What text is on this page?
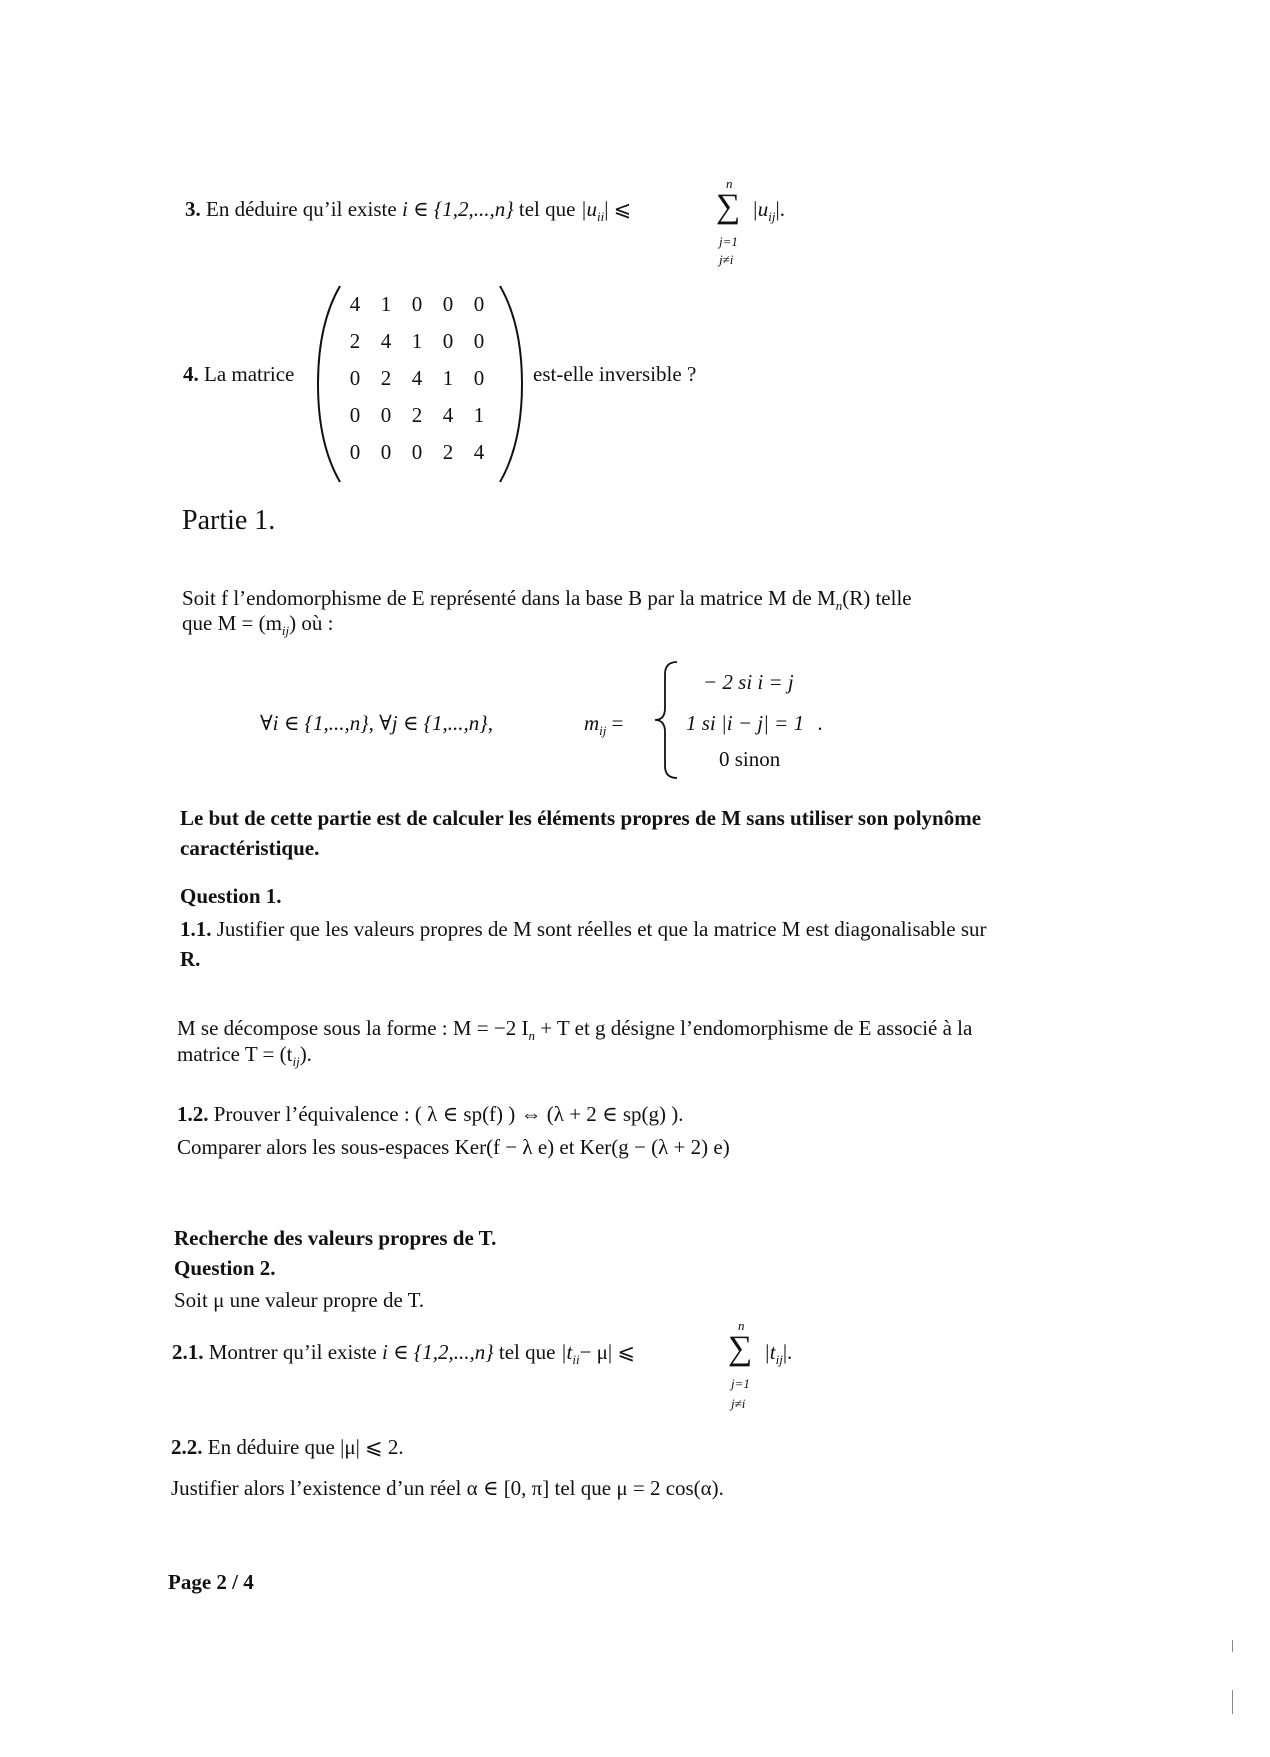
3. En déduire qu’il existe i ∈ {1,2,...,n} tel que $|u_{ii}|$ ⩽
n
∑
j=1
j≠i
$|u_{ij}|$.
4. La matrice
4 1 0 0 0
2 4 1 0 0
0 2 4 1 0
0 0 2 4 1
0 0 0 2 4
est-elle inversible ?
Partie 1.
Soit f l’endomorphisme de E représenté dans la base B par la matrice M de $M_n(R)$ telle
que $M = (m_{ij})$ où :
∀i ∈ {1,...,n}, ∀j ∈ {1,...,n},	$m_{ij}$ =
− 2 si i = j
1 si |i − j| = 1 .
0 sinon
Le but de cette partie est de calculer les éléments propres de M sans utiliser son polynôme
caractéristique.
Question 1.
1.1. Justifier que les valeurs propres de M sont réelles et que la matrice M est diagonalisable sur
R.
M se décompose sous la forme : M = −2 $I_n + T$ et g désigne l’endomorphisme de E associé à la
matrice $T = (t_{ij})$.
1.2. Prouver l’équivalence : ( λ ∈ sp(f) ) ⇔ (λ + 2 ∈ sp(g) ).
Comparer alors les sous-espaces Ker(f − λ e) et Ker(g − (λ + 2) e)
Recherche des valeurs propres de T.
Question 2.
Soit μ une valeur propre de T.
2.1. Montrer qu’il existe i ∈ {1,2,...,n} tel que $|t_{ii}- \mu|$ ⩽
n
∑
j=1
j≠i
$|t_{ij}|$.
2.2. En déduire que |μ| ⩽ 2.
Justifier alors l’existence d’un réel α ∈ [0, π] tel que μ = 2 cos(α).
Page 2 / 4
